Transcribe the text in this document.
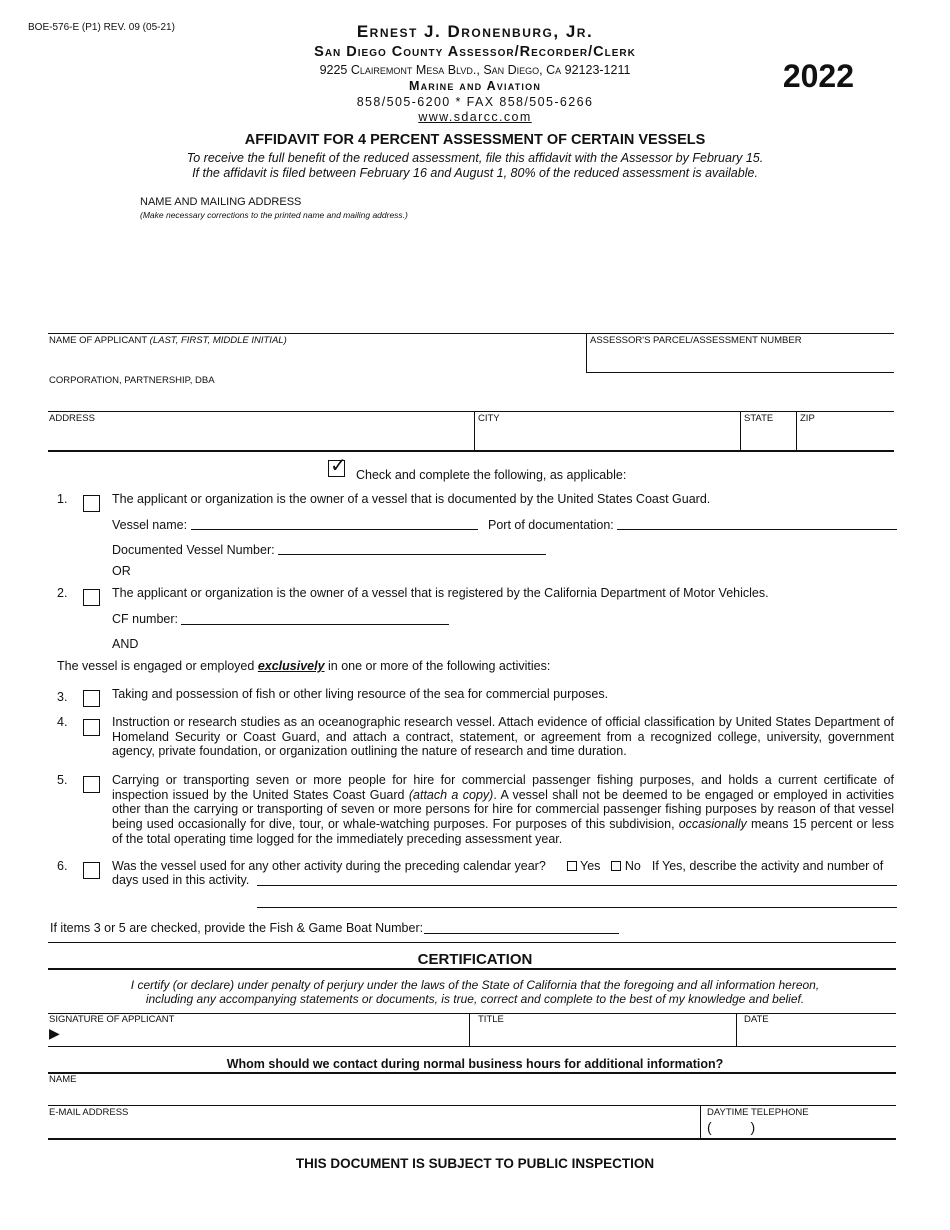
BOE-576-E (P1) REV. 09 (05-21)
2022
Ernest J. Dronenburg, Jr.
San Diego County Assessor/Recorder/Clerk
9225 Clairemont Mesa Blvd., San Diego, Ca 92123-1211
Marine and Aviation
858/505-6200 * FAX 858/505-6266
www.sdarcc.com
AFFIDAVIT FOR 4 PERCENT ASSESSMENT OF CERTAIN VESSELS
To receive the full benefit of the reduced assessment, file this affidavit with the Assessor by February 15.
If the affidavit is filed between February 16 and August 1, 80% of the reduced assessment is available.
NAME AND MAILING ADDRESS
(Make necessary corrections to the printed name and mailing address.)
NAME OF APPLICANT (LAST, FIRST, MIDDLE INITIAL)	ASSESSOR'S PARCEL/ASSESSMENT NUMBER
CORPORATION, PARTNERSHIP, DBA
ADDRESS	CITY	STATE	ZIP
✓ Check and complete the following, as applicable:
1.	The applicant or organization is the owner of a vessel that is documented by the United States Coast Guard.
Vessel name:	Port of documentation:
Documented Vessel Number:
OR
2.	The applicant or organization is the owner of a vessel that is registered by the California Department of Motor Vehicles.
CF number:
AND
The vessel is engaged or employed exclusively in one or more of the following activities:
3.	Taking and possession of fish or other living resource of the sea for commercial purposes.
4.	Instruction or research studies as an oceanographic research vessel. Attach evidence of official classification by United States Department of Homeland Security or Coast Guard, and attach a contract, statement, or agreement from a recognized college, university, government agency, private foundation, or organization outlining the nature of research and time duration.
5.	Carrying or transporting seven or more people for hire for commercial passenger fishing purposes, and holds a current certificate of inspection issued by the United States Coast Guard (attach a copy). A vessel shall not be deemed to be engaged or employed in activities other than the carrying or transporting of seven or more persons for hire for commercial passenger fishing purposes by reason of that vessel being used occasionally for dive, tour, or whale-watching purposes. For purposes of this subdivision, occasionally means 15 percent or less of the total operating time logged for the immediately preceding assessment year.
6.	Was the vessel used for any other activity during the preceding calendar year?	Yes No If Yes, describe the activity and number of
days used in this activity.
If items 3 or 5 are checked, provide the Fish & Game Boat Number:
CERTIFICATION
I certify (or declare) under penalty of perjury under the laws of the State of California that the foregoing and all information hereon,
including any accompanying statements or documents, is true, correct and complete to the best of my knowledge and belief.
SIGNATURE OF APPLICANT
▶
TITLE	DATE
Whom should we contact during normal business hours for additional information?
NAME
E-MAIL ADDRESS	DAYTIME TELEPHONE
(          )
THIS DOCUMENT IS SUBJECT TO PUBLIC INSPECTION
